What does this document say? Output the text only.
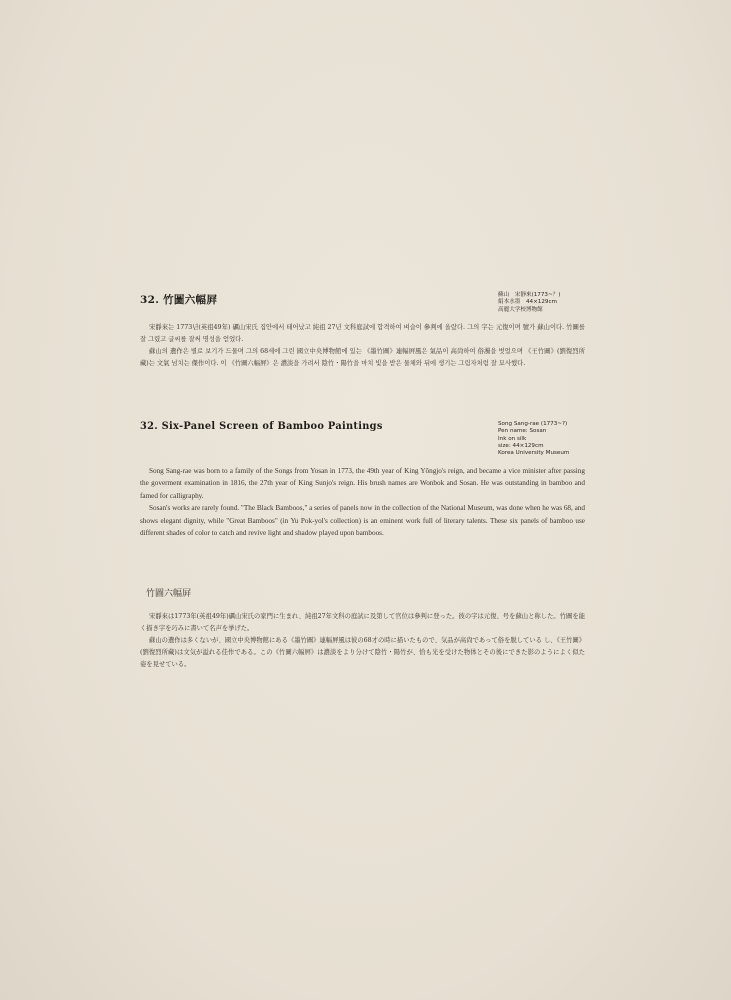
32. 竹圖六幅屛	蘇山　宋靜來(1773~？)
絹本水墨　44×129cm
高麗大学校博物館

宋靜來는 1773년(英祖49年) 礪山宋氏 집안에서 태어났고 純祖 27년 文科庭試에 합격하여 벼슬이 參判에 올랐다. 그의 字는 元復이며 號가 蘇山이다. 竹圖를 잘 그렸고 글씨를 잘써 명성을 얻었다.

蘇山의 遺作은 별로 보기가 드물며 그의 68세에 그린 國立中央博物館에 있는 《墨竹圖》連幅屛風은 氣品이 高尙하여 俗濁을 벗었으며 《王竹圖》(劉復烈所藏)는 文氣 넘치는 傑作이다. 이 《竹圖六幅屛》은 濃淡을 가려서 陰竹・陽竹을 마치 빛을 받은 물체와 뒤에 생기는 그림자처럼 잘 묘사했다.

32. Six-Panel Screen of Bamboo Paintings	Song Sang-rae (1773~?)
Pen name: Sosan
Ink on silk
size: 44×129cm
Korea University Museum

Song Sang-rae was born to a family of the Songs from Yosan in 1773, the 49th year of King Yŏngjo's reign, and became a vice minister after passing the goverment examination in 1816, the 27th year of King Sunjo's reign. His brush names are Wonbok and Sosan. He was outstanding in bamboo and famed for calligraphy.

Sosan's works are rarely found. "The Black Bamboos," a series of panels now in the collection of the National Museum, was done when he was 68, and shows elegant dignity, while "Great Bamboos" (in Yu Pok-yol's collection) is an eminent work full of literary talents. These six panels of bamboo use different shades of color to catch and revive light and shadow played upon bamboos.

竹圖六幅屛

宋靜來は1773年(英祖49年)礪山宋氏の家門に生まれ、純祖27年文科の庭試に及第して官位は參判に登った。彼の字は元復、号を蘇山と称した。竹圖を能く描き字を巧みに書いて名声を挙げた。

蘇山の遺作は多くないが、國立中央博物館にある《墨竹圖》連幅屛風は彼の68才の時に描いたもので、気品が高尙であって俗を脱している し、《王竹圖》(劉復烈所藏)は文気が溢れる佳作である。この《竹圖六幅屛》は濃淡をより分けて陰竹・陽竹が、恰も光を受けた物体とその後にできた影のようによく似た姿を見せている。
